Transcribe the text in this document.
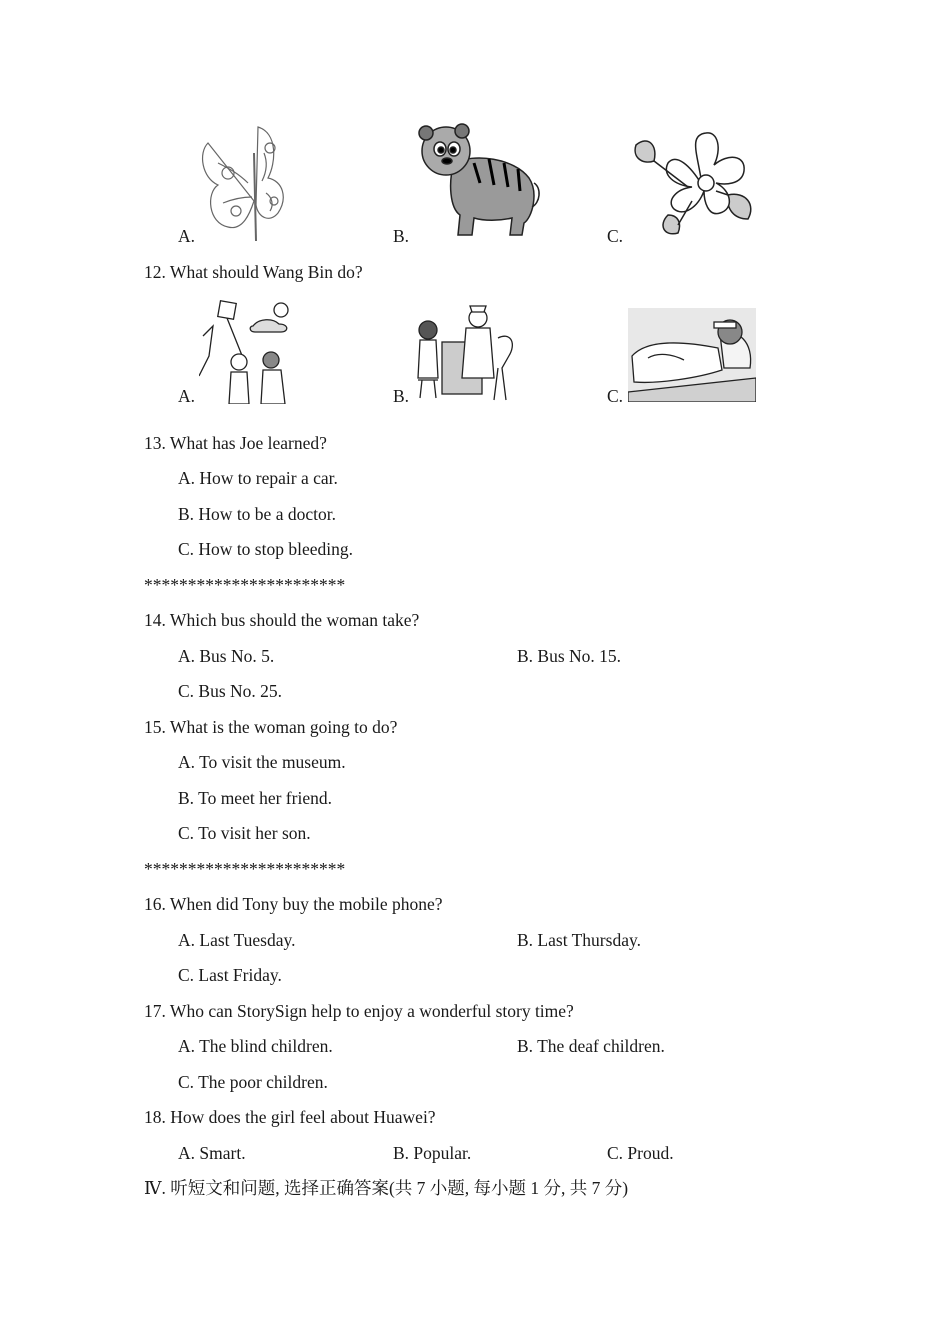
A.	B.	C.
12. What should Wang Bin do?
A.	B.	C.
13. What has Joe learned?
A. How to repair a car.
B. How to be a doctor.
C. How to stop bleeding.
***********************
14. Which bus should the woman take?
A. Bus No. 5.	B. Bus No. 15.
C. Bus No. 25.
15. What is the woman going to do?
A. To visit the museum.
B. To meet her friend.
C. To visit her son.
***********************
16. When did Tony buy the mobile phone?
A. Last Tuesday.	B. Last Thursday.
C. Last Friday.
17. Who can StorySign help to enjoy a wonderful story time?
A. The blind children.	B. The deaf children.
C. The poor children.
18. How does the girl feel about Huawei?
A. Smart.	B. Popular.	C. Proud.
Ⅳ. 听短文和问题, 选择正确答案(共 7 小题, 每小题 1 分, 共 7 分)
